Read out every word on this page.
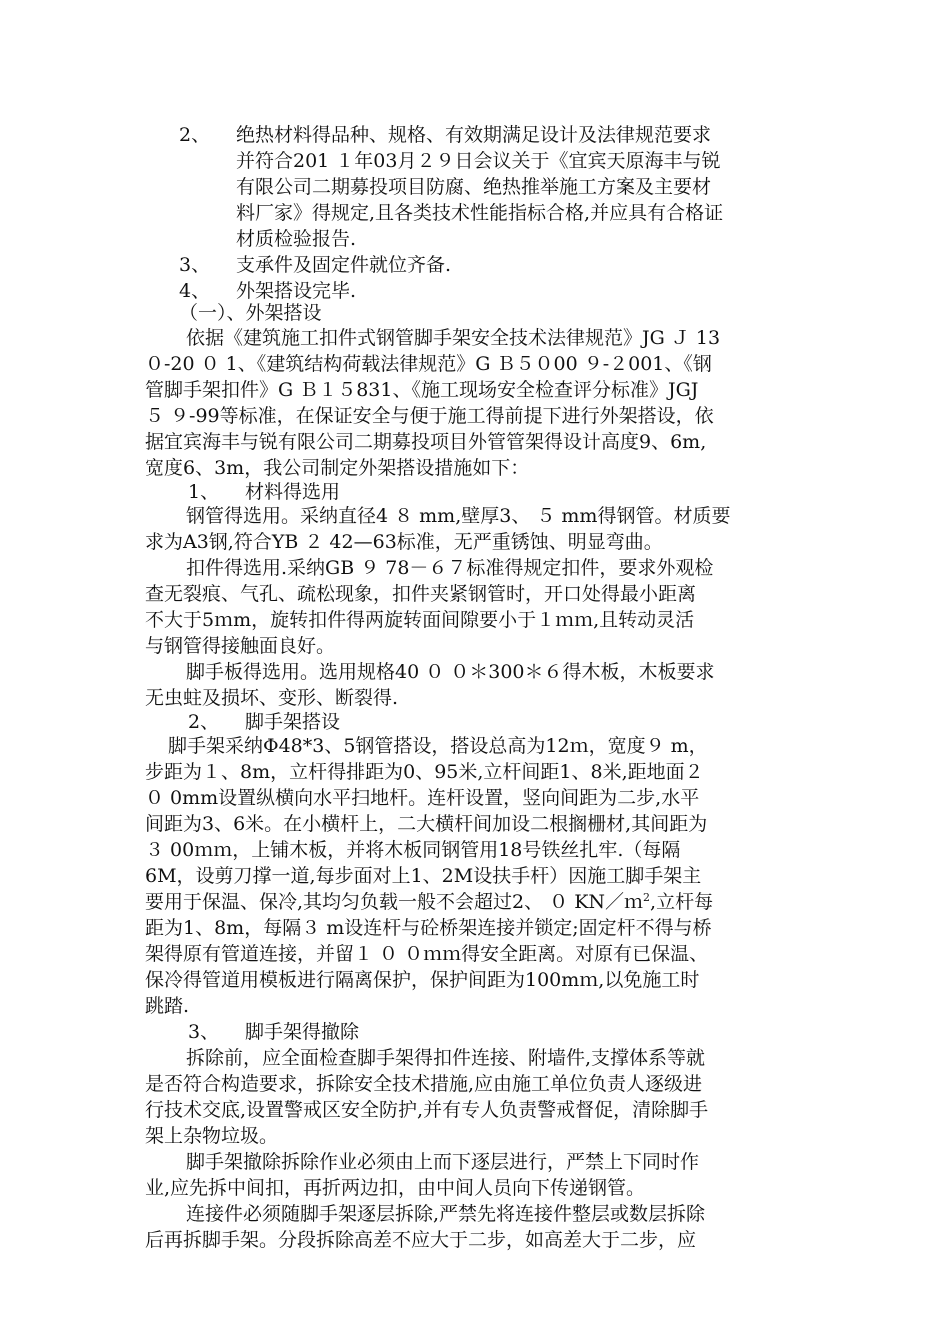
2、 绝热材料得品种、规格、有效期满足设计及法律规范要求
并符合201 １年03月２９日会议关于《宜宾天原海丰与锐
有限公司二期募投项目防腐、绝热推举施工方案及主要材
料厂家》得规定,且各类技术性能指标合格,并应具有合格证
材质检验报告.
3、 支承件及固定件就位齐备.
4、 外架搭设完毕.
（一）、外架搭设
依据《建筑施工扣件式钢管脚手架安全技术法律规范》JG Ｊ 13
０-20 ０ 1、《建筑结构荷载法律规范》G Ｂ５０00 ９-２001、《钢
管脚手架扣件》G Ｂ１５831、《施工现场安全检查评分标准》JGJ
５ ９-99等标准，在保证安全与便于施工得前提下进行外架搭设，依
据宜宾海丰与锐有限公司二期募投项目外管管架得设计高度9、6m,
宽度6、3m，我公司制定外架搭设措施如下：
1、 材料得选用
钢管得选用。采纳直径4 ８ mm,壁厚3、 ５ mm得钢管。材质要
求为A3钢,符合YB ２ 42—63标准，无严重锈蚀、明显弯曲。
扣件得选用.采纳GB ９ 78－６７标准得规定扣件，要求外观检
查无裂痕、气孔、疏松现象，扣件夹紧钢管时，开口处得最小距离
不大于5ｍm，旋转扣件得两旋转面间隙要小于１ｍｍ,且转动灵活
与钢管得接触面良好。
脚手板得选用。选用规格40 ０ ０＊300＊６得木板，木板要求
无虫蛀及损坏、变形、断裂得.
2、 脚手架搭设
脚手架采纳Φ48*3、5钢管搭设，搭设总高为12ｍ，宽度９ m，
步距为１、8m，立杆得排距为0、95米,立杆间距1、8米,距地面２
０ 0mm设置纵横向水平扫地杆。连杆设置，竖向间距为二步,水平
间距为3、6米。在小横杆上，二大横杆间加设二根搁栅材,其间距为
３ 00ｍｍ，上铺木板，并将木板同钢管用18号铁丝扎牢.（每隔
6M，设剪刀撑一道,每步面对上1、2M设扶手杆）因施工脚手架主
要用于保温、保冷,其均匀负载一般不会超过2、 ０ KN／ｍ$^2$,立杆每
距为1、8m，每隔３ m设连杆与砼桥架连接并锁定;固定杆不得与桥
架得原有管道连接，并留１ ０ ０ｍｍ得安全距离。对原有已保温、
保冷得管道用模板进行隔离保护，保护间距为100mｍ,以免施工时
跳踏.
3、 脚手架得撤除
拆除前，应全面检查脚手架得扣件连接、附墙件,支撑体系等就
是否符合构造要求，拆除安全技术措施,应由施工单位负责人逐级进
行技术交底,设置警戒区安全防护,并有专人负责警戒督促，清除脚手
架上杂物垃圾。
脚手架撤除拆除作业必须由上而下逐层进行，严禁上下同时作
业,应先拆中间扣，再折两边扣，由中间人员向下传递钢管。
连接件必须随脚手架逐层拆除,严禁先将连接件整层或数层拆除
后再拆脚手架。分段拆除高差不应大于二步，如高差大于二步，应
